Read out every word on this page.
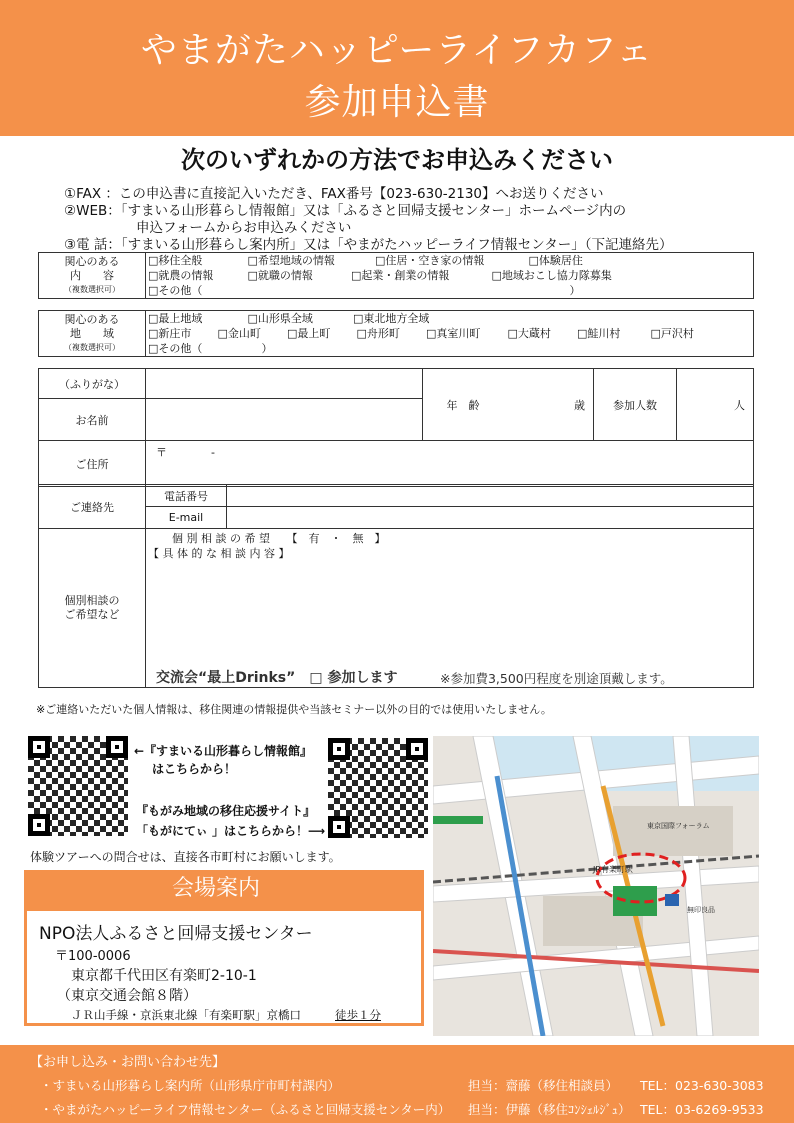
やまがたハッピーライフカフェ
参加申込書
次のいずれかの方法でお申込みください
①FAX ：この申込書に直接記入いただき、FAX番号【023-630-2130】へお送りください
②WEB：「すまいる山形暮らし情報館」又は「ふるさと回帰支援センター」ホームページ内の
申込フォームからお申込みください
③電 話：「すまいる山形暮らし案内所」又は「やまがたハッピーライフ情報センター」（下記連絡先）
関心のある
内　　容
（複数選択可）

□移住全般	□希望地域の情報	□住居・空き家の情報	□体験居住
□就農の情報	□就職の情報	□起業・創業の情報	□地域おこし協力隊募集
□その他（	）
関心のある
地　　域
（複数選択可）

□最上地域	□山形県全域	□東北地方全域
□新庄市 □金山町 □最上町 □舟形町 □真室川町 □大蔵村 □鮭川村	□戸沢村
□その他（	）
（ふりがな）		年　齢	歳	参加人数	人
お名前					
ご住所	〒　　　　-				
ご連絡先	電話番号	
	E-mail	
個別相談の
ご希望など

個 別 相 談 の 希 望　　【　有　・　無　】
【 具 体 的 な 相 談 内 容 】
交流会“最上Drinks”　□ 参加します	※参加費3,500円程度を別途頂戴します。
※ご連絡いただいた個人情報は、移住関連の情報提供や当該セミナー以外の目的では使用いたしません。
←『すまいる山形暮らし情報館』
はこちらから！
『もがみ地域の移住応援サイト』
「もがにてぃ 」はこちらから！⟶
体験ツアーへの問合せは、直接各市町村にお願いします。
会場案内
NPO法人ふるさと回帰支援センター
〒100-0006
東京都千代田区有楽町2-10-1
（東京交通会館８階）
ＪＲ山手線・京浜東北線「有楽町駅」京橋口	徒歩１分
JR有楽町駅
東京国際フォーラム
無印良品
【お申し込み・お問い合わせ先】
・すまいる山形暮らし案内所（山形県庁市町村課内）	担当：齋藤（移住相談員） TEL：023-630-3083
・やまがたハッピーライフ情報センター（ふるさと回帰支援センター内） 担当：伊藤（移住ｺﾝｼｪﾙｼﾞｭ） TEL：03-6269-9533
